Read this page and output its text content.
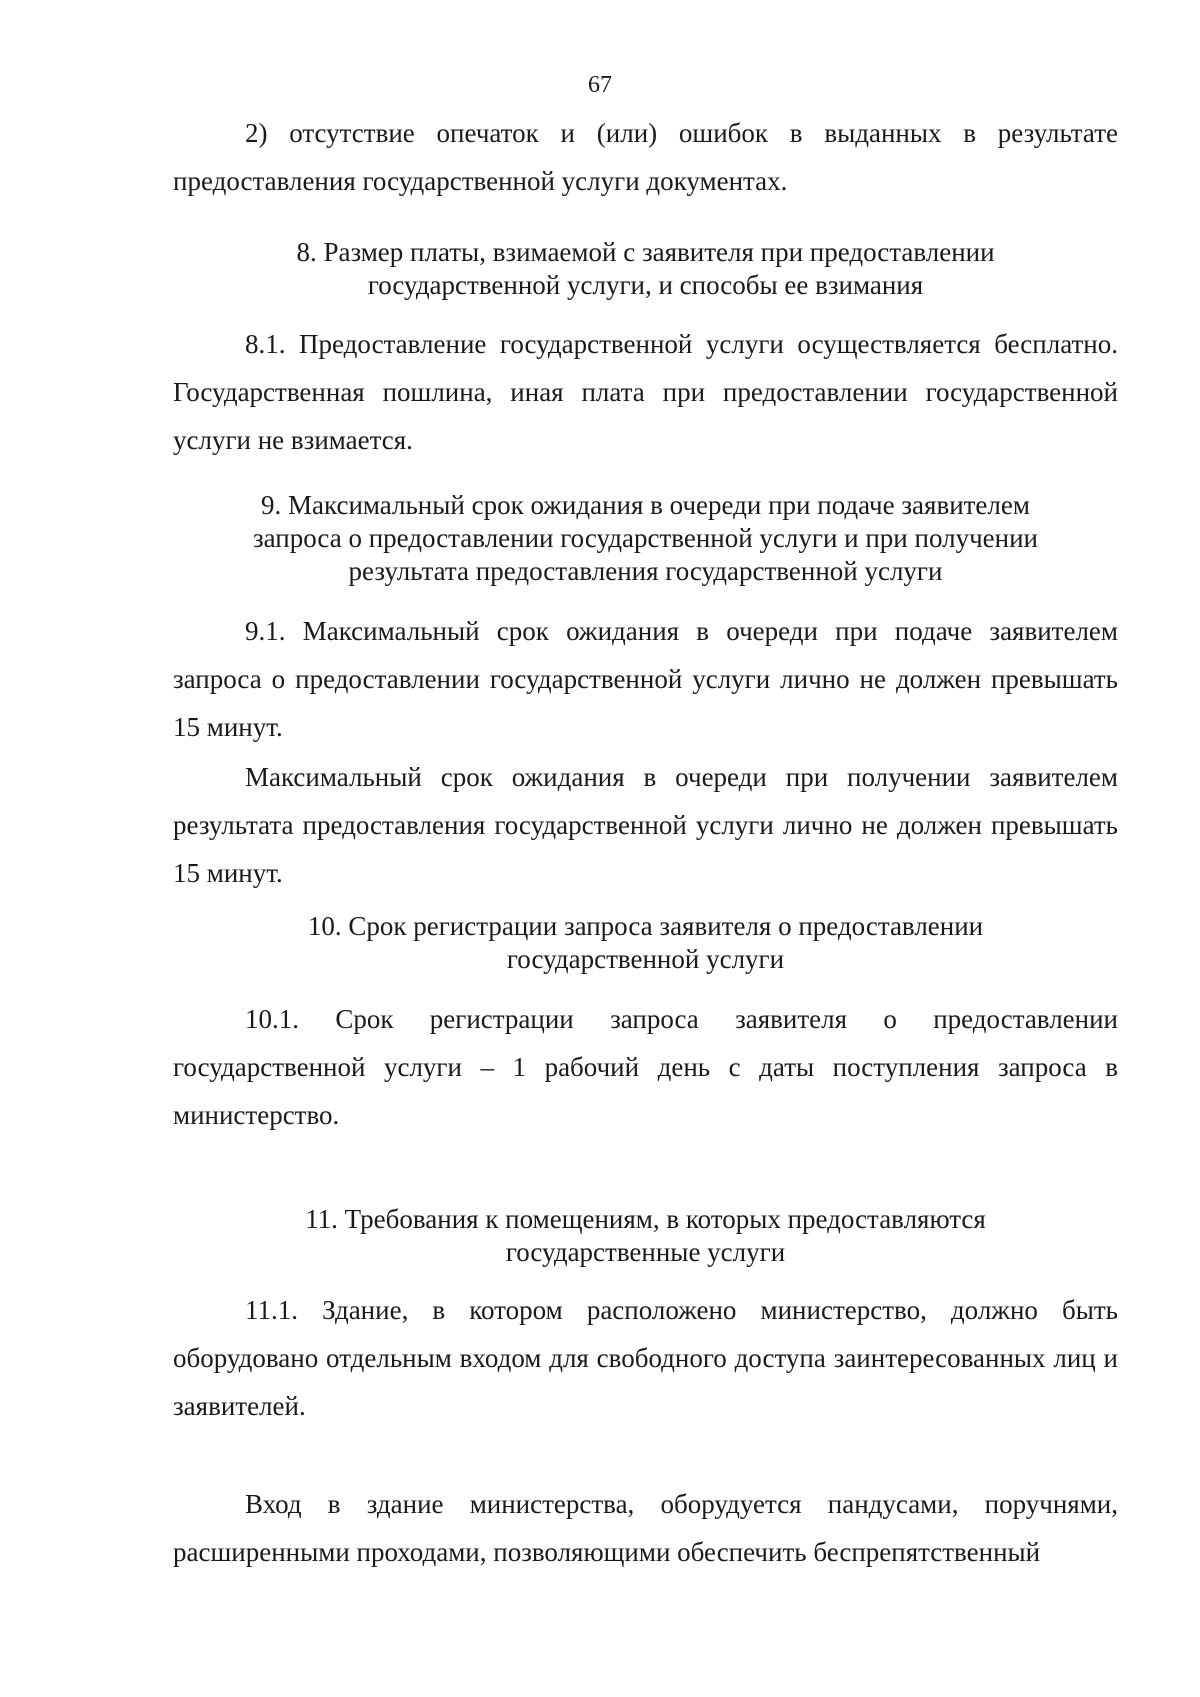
67

2) отсутствие опечаток и (или) ошибок в выданных в результате предоставления государственной услуги документах.

8. Размер платы, взимаемой с заявителя при предоставлении
государственной услуги, и способы ее взимания

8.1. Предоставление государственной услуги осуществляется бесплатно. Государственная пошлина, иная плата при предоставлении государственной услуги не взимается.

9. Максимальный срок ожидания в очереди при подаче заявителем
запроса о предоставлении государственной услуги и при получении
результата предоставления государственной услуги

9.1. Максимальный срок ожидания в очереди при подаче заявителем запроса о предоставлении государственной услуги лично не должен превышать 15 минут.

Максимальный срок ожидания в очереди при получении заявителем результата предоставления государственной услуги лично не должен превышать 15 минут.

10. Срок регистрации запроса заявителя о предоставлении
государственной услуги

10.1. Срок регистрации запроса заявителя о предоставлении государственной услуги – 1 рабочий день с даты поступления запроса в министерство.

11. Требования к помещениям, в которых предоставляются
государственные услуги

11.1. Здание, в котором расположено министерство, должно быть оборудовано отдельным входом для свободного доступа заинтересованных лиц и заявителей.

Вход в здание министерства, оборудуется пандусами, поручнями, расширенными проходами, позволяющими обеспечить беспрепятственный
